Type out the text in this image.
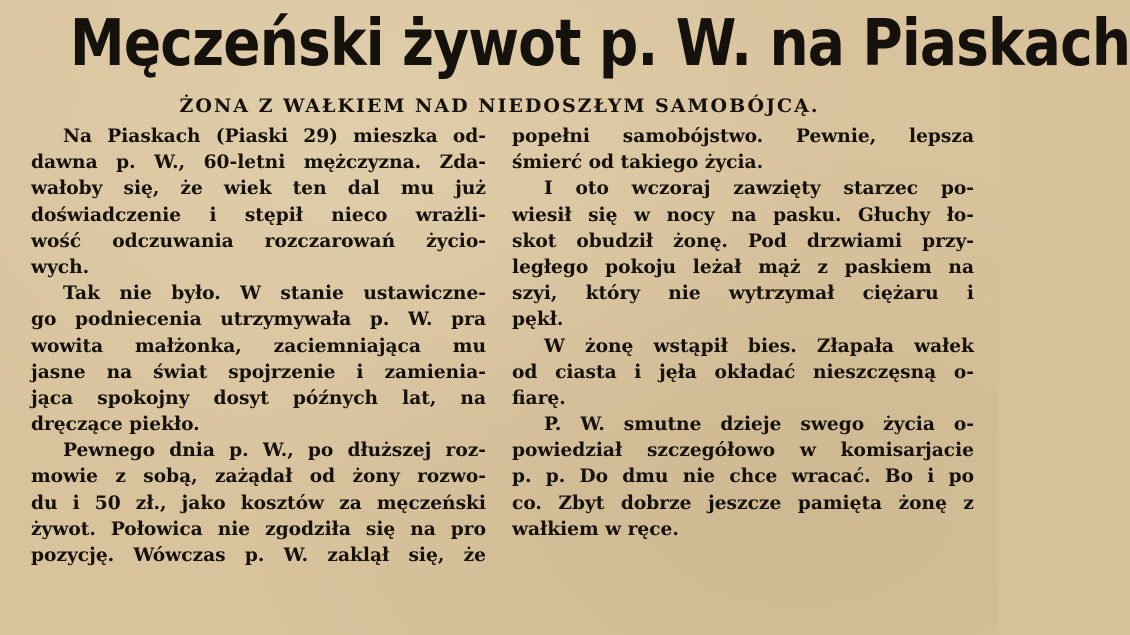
Męczeński żywot p. W. na Piaskach
ŻONA Z WAŁKIEM NAD NIEDOSZŁYM SAMOBÓJCĄ.
Na Piaskach (Piaski 29) mieszka od-
dawna p. W., 60-letni mężczyzna. Zda-
wałoby się, że wiek ten dal mu już
doświadczenie i stępił nieco wrażli-
wość odczuwania rozczarowań życio-
wych.
Tak nie było. W stanie ustawiczne-
go podniecenia utrzymywała p. W. pra
wowita małżonka, zaciemniająca mu
jasne na świat spojrzenie i zamienia-
jąca spokojny dosyt późnych lat, na
dręczące piekło.
Pewnego dnia p. W., po dłuższej roz-
mowie z sobą, zażądał od żony rozwo-
du i 50 zł., jako kosztów za męczeński
żywot. Połowica nie zgodziła się na pro
pozycję. Wówczas p. W. zaklął się, że
popełni samobójstwo. Pewnie, lepsza
śmierć od takiego życia.
I oto wczoraj zawzięty starzec po-
wiesił się w nocy na pasku. Głuchy ło-
skot obudził żonę. Pod drzwiami przy-
ległego pokoju leżał mąż z paskiem na
szyi, który nie wytrzymał ciężaru i
pękł.
W żonę wstąpił bies. Złapała wałek
od ciasta i jęła okładać nieszczęsną o-
fiarę.
P. W. smutne dzieje swego życia o-
powiedział szczegółowo w komisarjacie
p. p. Do dmu nie chce wracać. Bo i po
co. Zbyt dobrze jeszcze pamięta żonę z
wałkiem w ręce.
